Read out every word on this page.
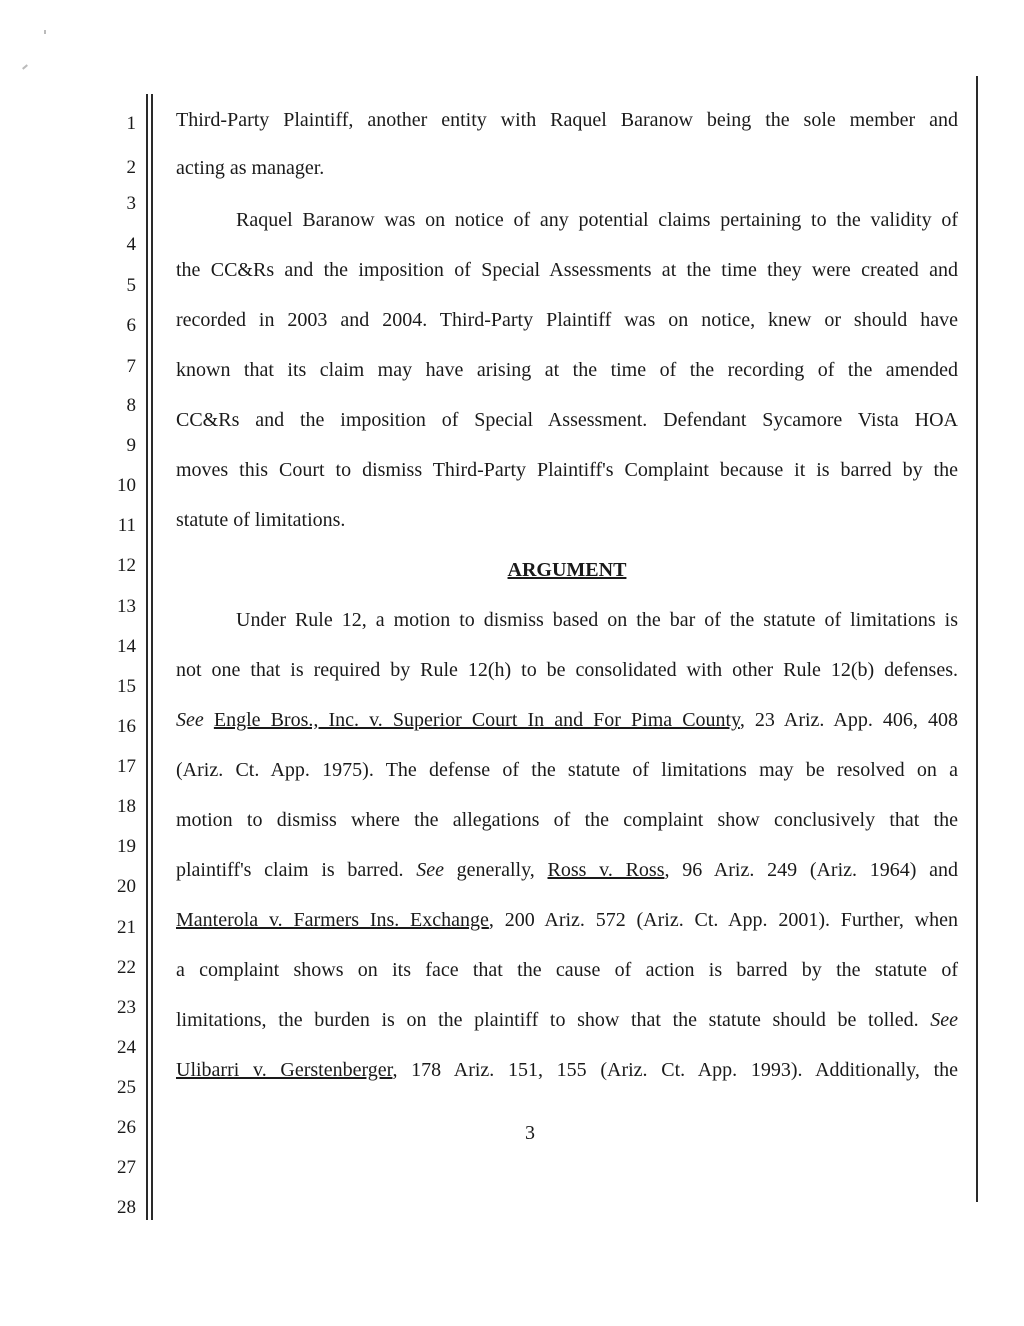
1
2
3
4
5
6
7
8
9
10
11
12
13
14
15
16
17
18
19
20
21
22
23
24
25
26
27
28
Third-Party Plaintiff, another entity with Raquel Baranow being the sole member and
acting as manager.
Raquel Baranow was on notice of any potential claims pertaining to the validity of
the CC&Rs and the imposition of Special Assessments at the time they were created and
recorded in 2003 and 2004. Third-Party Plaintiff was on notice, knew or should have
known that its claim may have arising at the time of the recording of the amended
CC&Rs and the imposition of Special Assessment. Defendant Sycamore Vista HOA
moves this Court to dismiss Third-Party Plaintiff's Complaint because it is barred by the
statute of limitations.
ARGUMENT
Under Rule 12, a motion to dismiss based on the bar of the statute of limitations is
not one that is required by Rule 12(h) to be consolidated with other Rule 12(b) defenses.
See Engle Bros., Inc. v. Superior Court In and For Pima County, 23 Ariz. App. 406, 408
(Ariz. Ct. App. 1975). The defense of the statute of limitations may be resolved on a
motion to dismiss where the allegations of the complaint show conclusively that the
plaintiff's claim is barred. See generally, Ross v. Ross, 96 Ariz. 249 (Ariz. 1964) and
Manterola v. Farmers Ins. Exchange, 200 Ariz. 572 (Ariz. Ct. App. 2001). Further, when
a complaint shows on its face that the cause of action is barred by the statute of
limitations, the burden is on the plaintiff to show that the statute should be tolled. See
Ulibarri v. Gerstenberger, 178 Ariz. 151, 155 (Ariz. Ct. App. 1993). Additionally, the
3
